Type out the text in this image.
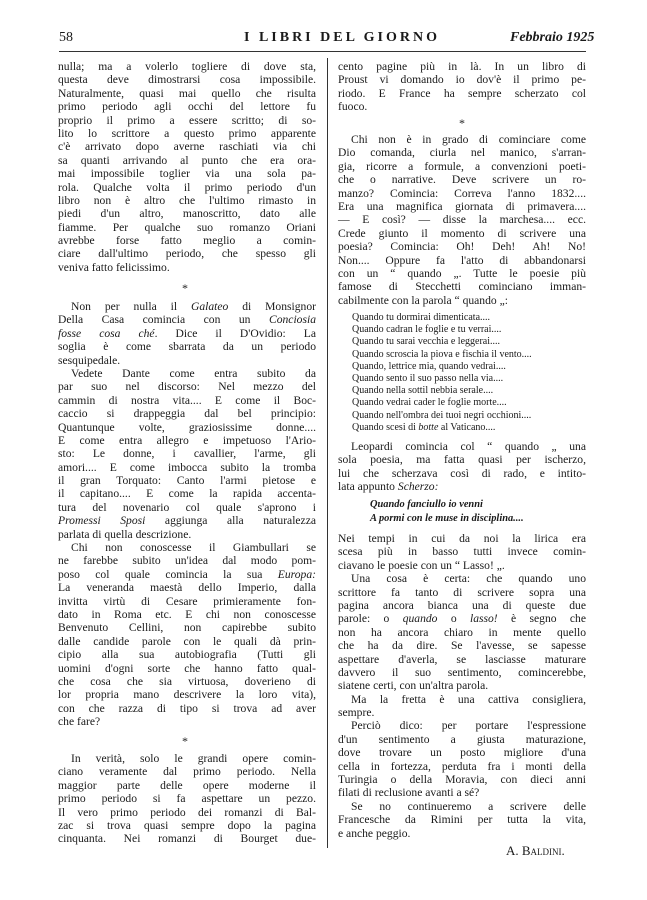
58	I LIBRI DEL GIORNO	Febbraio 1925
nulla; ma a volerlo togliere di dove sta,
questa deve dimostrarsi cosa impossibile.
Naturalmente, quasi mai quello che risulta
primo periodo agli occhi del lettore fu
proprio il primo a essere scritto; di so-
lito lo scrittore a questo primo apparente
c'è arrivato dopo averne raschiati via chi
sa quanti arrivando al punto che era ora-
mai impossibile toglier via una sola pa-
rola. Qualche volta il primo periodo d'un
libro non è altro che l'ultimo rimasto in
piedi d'un altro, manoscritto, dato alle
fiamme. Per qualche suo romanzo Oriani
avrebbe forse fatto meglio a comin-
ciare dall'ultimo periodo, che spesso gli
veniva fatto felicissimo.
*
Non per nulla il Galateo di Monsignor
Della Casa comincia con un Conciosia
fosse cosa ché. Dice il D'Ovidio: La
soglia è come sbarrata da un periodo
sesquipedale.
Vedete Dante come entra subito da
par suo nel discorso: Nel mezzo del
cammin di nostra vita.... E come il Boc-
caccio si drappeggia dal bel principio:
Quantunque volte, graziosissime donne....
E come entra allegro e impetuoso l'Ario-
sto: Le donne, i cavallier, l'arme, gli
amori.... E come imbocca subito la tromba
il gran Torquato: Canto l'armi pietose e
il capitano.... E come la rapida accenta-
tura del novenario col quale s'aprono i
Promessi Sposi aggiunga alla naturalezza
parlata di quella descrizione.
Chi non conoscesse il Giambullari se
ne farebbe subito un'idea dal modo pom-
poso col quale comincia la sua Europa:
La veneranda maestà dello Imperio, dalla
invitta virtù di Cesare primieramente fon-
dato in Roma etc. E chi non conoscesse
Benvenuto Cellini, non capirebbe subito
dalle candide parole con le quali dà prin-
cipio alla sua autobiografia (Tutti gli
uomini d'ogni sorte che hanno fatto qual-
che cosa che sia virtuosa, doverieno di
lor propria mano descrivere la loro vita),
con che razza di tipo si trova ad aver
che fare?
*
In verità, solo le grandi opere comin-
ciano veramente dal primo periodo. Nella
maggior parte delle opere moderne il
primo periodo si fa aspettare un pezzo.
Il vero primo periodo dei romanzi di Bal-
zac si trova quasi sempre dopo la pagina
cinquanta. Nei romanzi di Bourget due-
cento pagine più in là. In un libro di
Proust vi domando io dov'è il primo pe-
riodo. E France ha sempre scherzato col
fuoco.
*
Chi non è in grado di cominciare come
Dio comanda, ciurla nel manico, s'arran-
gia, ricorre a formule, a convenzioni poeti-
che o narrative. Deve scrivere un ro-
manzo? Comincia: Correva l'anno 1832....
Era una magnifica giornata di primavera....
— E così? — disse la marchesa.... ecc.
Crede giunto il momento di scrivere una
poesia? Comincia: Oh! Deh! Ah! No!
Non.... Oppure fa l'atto di abbandonarsi
con un “ quando „. Tutte le poesie più
famose di Stecchetti cominciano imman-
cabilmente con la parola “ quando „:
Quando tu dormirai dimenticata....
Quando cadran le foglie e tu verrai....
Quando tu sarai vecchia e leggerai....
Quando scroscia la piova e fischia il vento....
Quando, lettrice mia, quando vedrai....
Quando sento il suo passo nella via....
Quando nella sottil nebbia serale....
Quando vedrai cader le foglie morte....
Quando nell'ombra dei tuoi negri occhioni....
Quando scesi di botte al Vaticano....
Leopardi comincia col “ quando „ una
sola poesia, ma fatta quasi per ischerzo,
lui che scherzava così di rado, e intito-
lata appunto Scherzo:
Quando fanciullo io venni
A pormi con le muse in disciplina....
Nei tempi in cui da noi la lirica era
scesa più in basso tutti invece comin-
ciavano le poesie con un “ Lasso! „.
Una cosa è certa: che quando uno
scrittore fa tanto di scrivere sopra una
pagina ancora bianca una di queste due
parole: o quando o lasso! è segno che
non ha ancora chiaro in mente quello
che ha da dire. Se l'avesse, se sapesse
aspettare d'averla, se lasciasse maturare
davvero il suo sentimento, comincerebbe,
siatene certi, con un'altra parola.
Ma la fretta è una cattiva consigliera,
sempre.
Perciò dico: per portare l'espressione
d'un sentimento a giusta maturazione,
dove trovare un posto migliore d'una
cella in fortezza, perduta fra i monti della
Turingia o della Moravia, con dieci anni
filati di reclusione avanti a sé?
Se no continueremo a scrivere delle
Francesche da Rimini per tutta la vita,
e anche peggio.
A. Baldini.
